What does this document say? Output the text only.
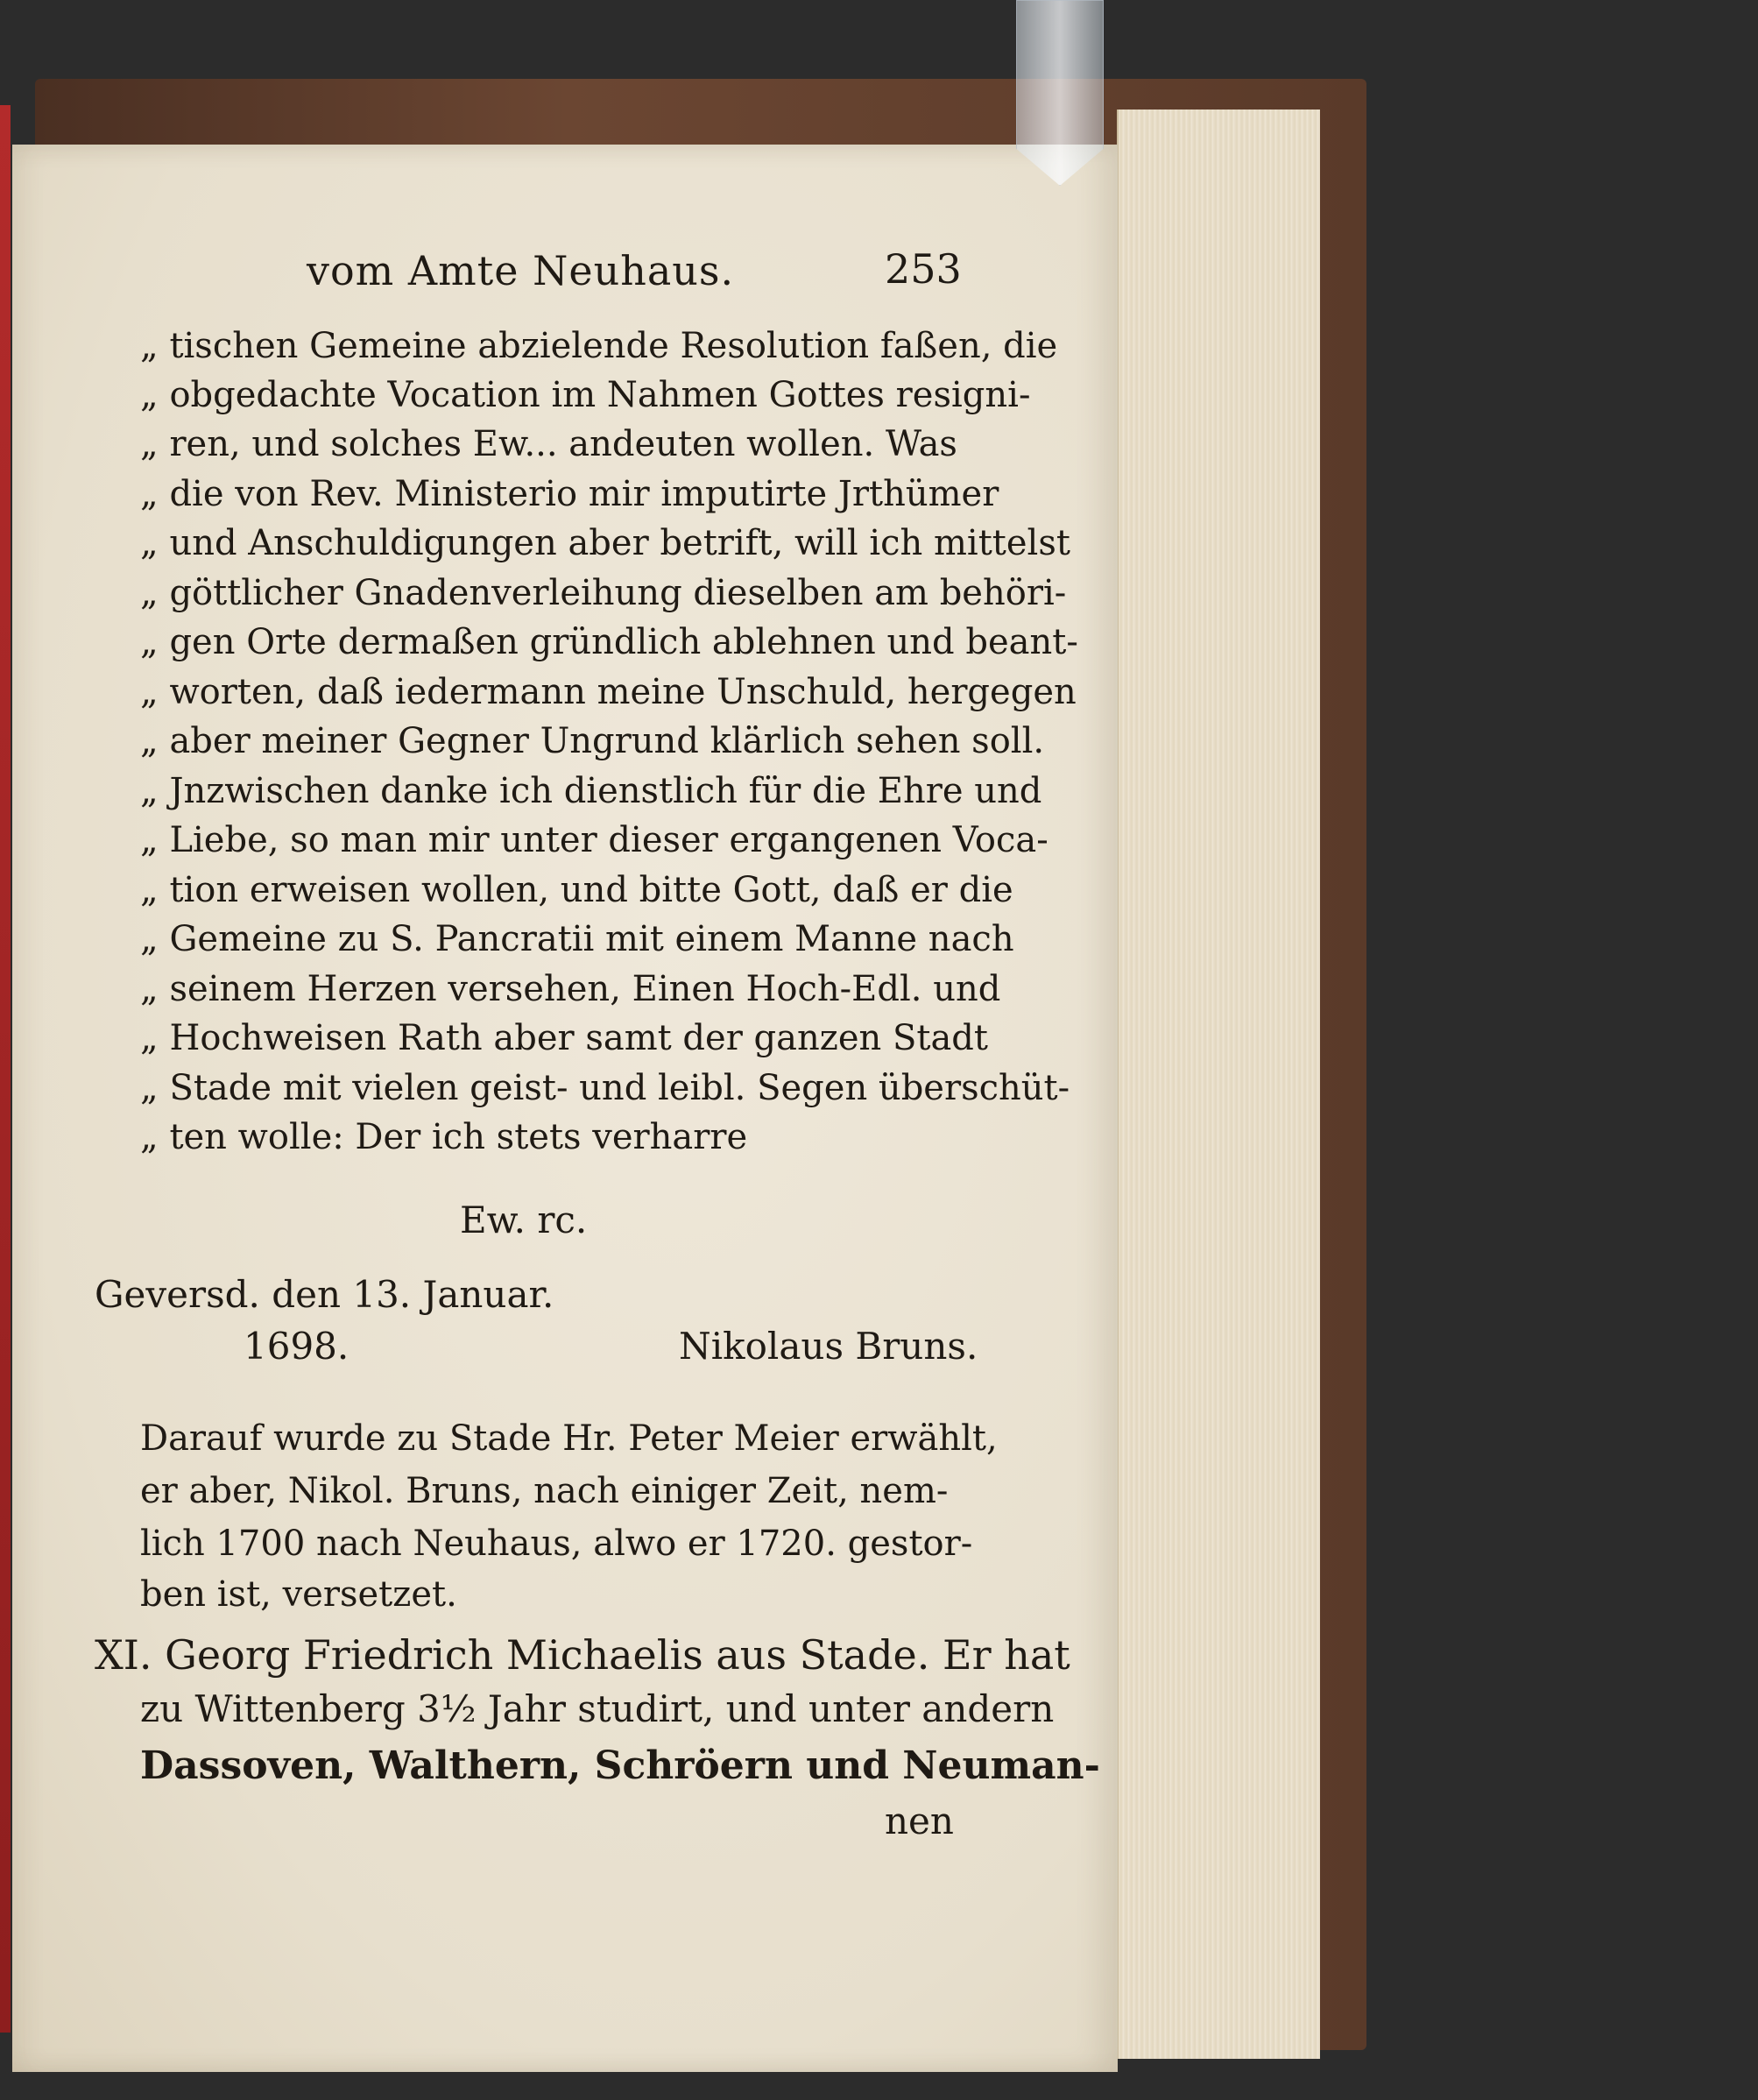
vom Amte Neuhaus.	253
„ tischen Gemeine abzielende Resolution faßen, die
„ obgedachte Vocation im Nahmen Gottes resigni-
„ ren, und solches Ew... andeuten wollen. Was
„ die von Rev. Ministerio mir imputirte Jrthümer
„ und Anschuldigungen aber betrift, will ich mittelst
„ göttlicher Gnadenverleihung dieselben am behöri-
„ gen Orte dermaßen gründlich ablehnen und beant-
„ worten, daß iedermann meine Unschuld, hergegen
„ aber meiner Gegner Ungrund klärlich sehen soll.
„ Jnzwischen danke ich dienstlich für die Ehre und
„ Liebe, so man mir unter dieser ergangenen Voca-
„ tion erweisen wollen, und bitte Gott, daß er die
„ Gemeine zu S. Pancratii mit einem Manne nach
„ seinem Herzen versehen, Einen Hoch-Edl. und
„ Hochweisen Rath aber samt der ganzen Stadt
„ Stade mit vielen geist- und leibl. Segen überschüt-
„ ten wolle: Der ich stets verharre
Ew. rc.
Geversd. den 13. Januar.
1698.	Nikolaus Bruns.
Darauf wurde zu Stade Hr. Peter Meier erwählt,
er aber, Nikol. Bruns, nach einiger Zeit, nem-
lich 1700 nach Neuhaus, alwo er 1720. gestor-
ben ist, versetzet.
XI. Georg Friedrich Michaelis aus Stade. Er hat
zu Wittenberg 3½ Jahr studirt, und unter andern
Dassoven, Walthern, Schröern und Neuman-
nen
